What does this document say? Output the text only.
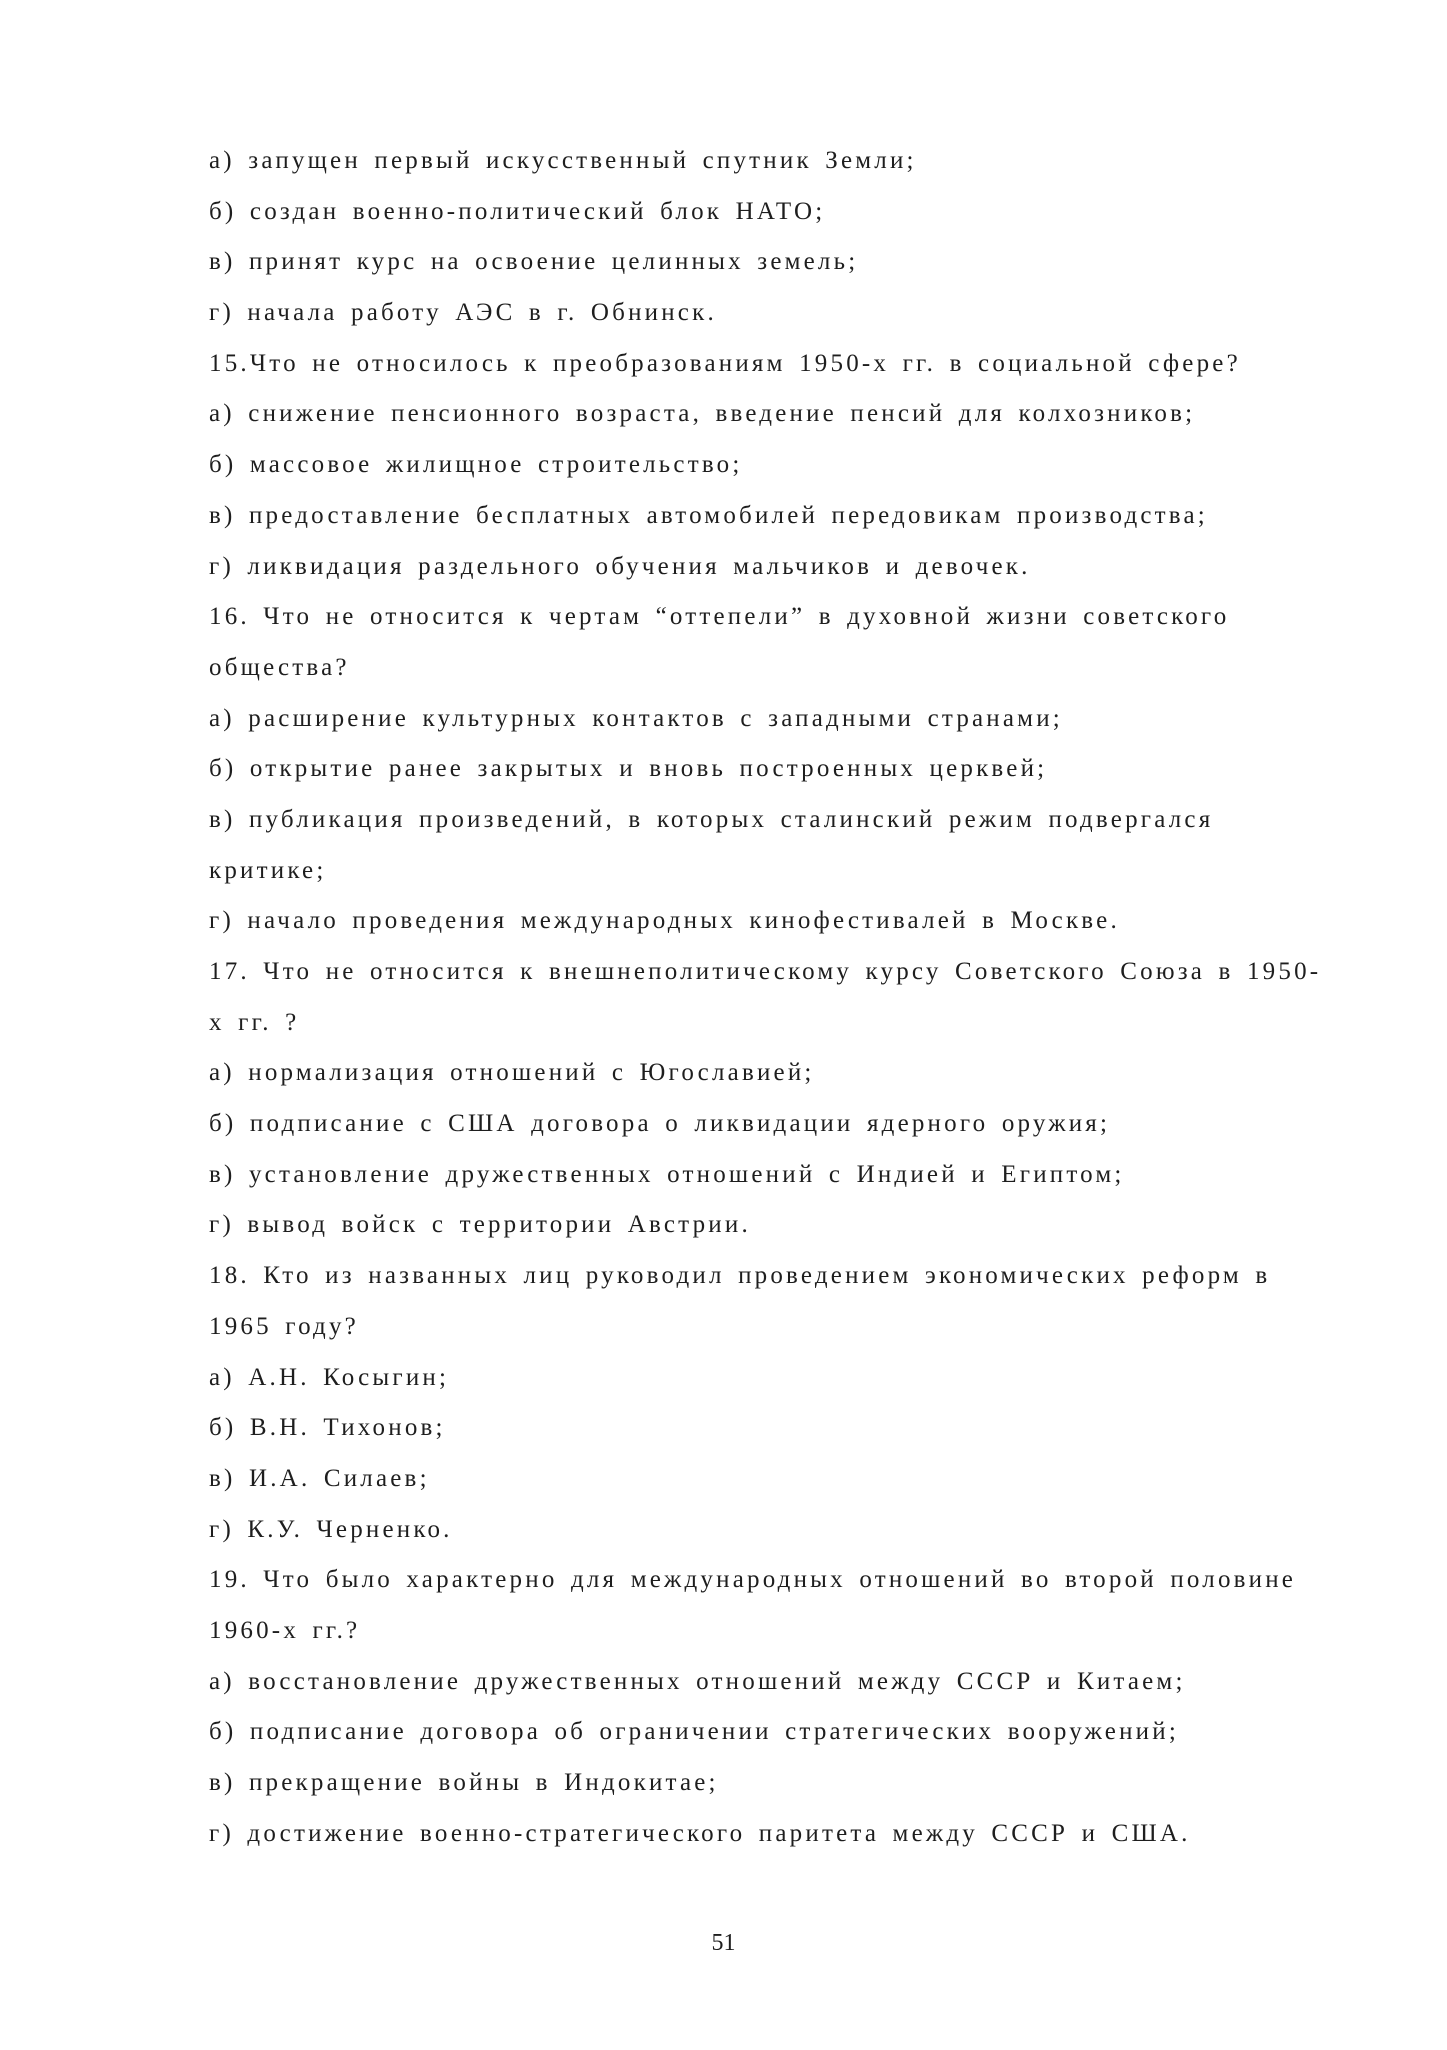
а) запущен первый искусственный спутник Земли;
б) создан военно-политический блок НАТО;
в) принят курс на освоение целинных земель;
г) начала работу АЭС в г. Обнинск.
15.Что не относилось к преобразованиям 1950-х гг. в социальной сфере?
а) снижение пенсионного возраста, введение пенсий для колхозников;
б) массовое жилищное строительство;
в) предоставление бесплатных автомобилей передовикам производства;
г) ликвидация раздельного обучения мальчиков и девочек.
16. Что не относится к чертам “оттепели” в духовной жизни советского
общества?
а) расширение культурных контактов с западными странами;
б) открытие ранее закрытых и вновь построенных церквей;
в) публикация произведений, в которых сталинский режим подвергался
критике;
г) начало проведения международных кинофестивалей в Москве.
17. Что не относится к внешнеполитическому курсу Советского Союза в 1950-
х гг. ?
а) нормализация отношений с Югославией;
б) подписание с США договора о ликвидации ядерного оружия;
в) установление дружественных отношений с Индией и Египтом;
г) вывод войск с территории Австрии.
18. Кто из названных лиц руководил проведением экономических реформ в
1965 году?
а) А.Н. Косыгин;
б) В.Н. Тихонов;
в) И.А. Силаев;
г) К.У. Черненко.
19. Что было характерно для международных отношений во второй половине
1960-х гг.?
а) восстановление дружественных отношений между СССР и Китаем;
б) подписание договора об ограничении стратегических вооружений;
в) прекращение войны в Индокитае;
г) достижение военно-стратегического паритета между СССР и США.
51
